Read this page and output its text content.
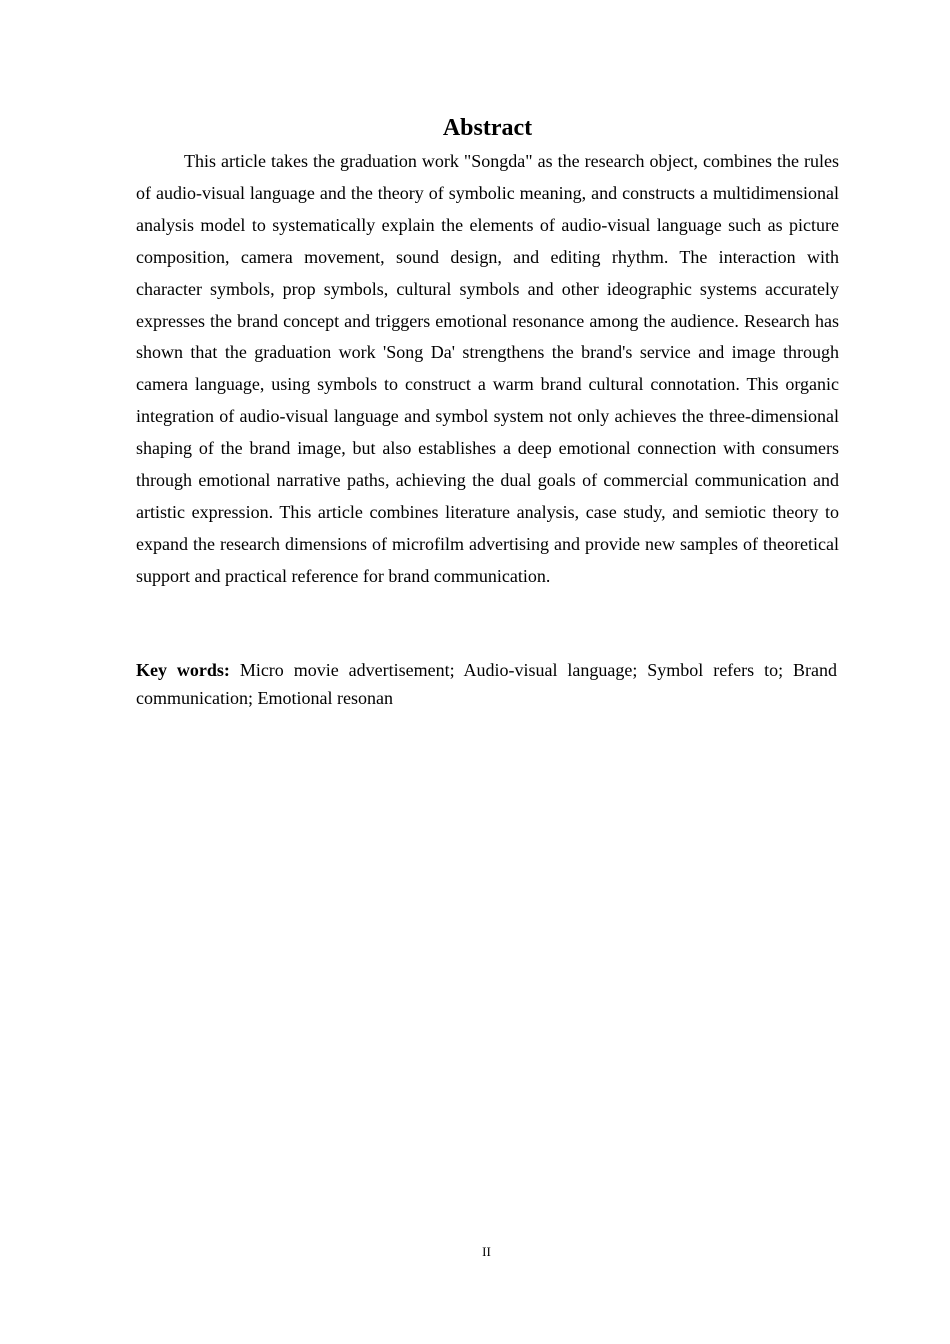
Abstract

This article takes the graduation work "Songda" as the research object, combines the rules of audio-visual language and the theory of symbolic meaning, and constructs a multidimensional analysis model to systematically explain the elements of audio-visual language such as picture composition, camera movement, sound design, and editing rhythm. The interaction with character symbols, prop symbols, cultural symbols and other ideographic systems accurately expresses the brand concept and triggers emotional resonance among the audience. Research has shown that the graduation work 'Song Da' strengthens the brand's service and image through camera language, using symbols to construct a warm brand cultural connotation. This organic integration of audio-visual language and symbol system not only achieves the three-dimensional shaping of the brand image, but also establishes a deep emotional connection with consumers through emotional narrative paths, achieving the dual goals of commercial communication and artistic expression. This article combines literature analysis, case study, and semiotic theory to expand the research dimensions of microfilm advertising and provide new samples of theoretical support and practical reference for brand communication.

Key words: Micro movie advertisement; Audio-visual language; Symbol refers to; Brand communication; Emotional resonan

II
